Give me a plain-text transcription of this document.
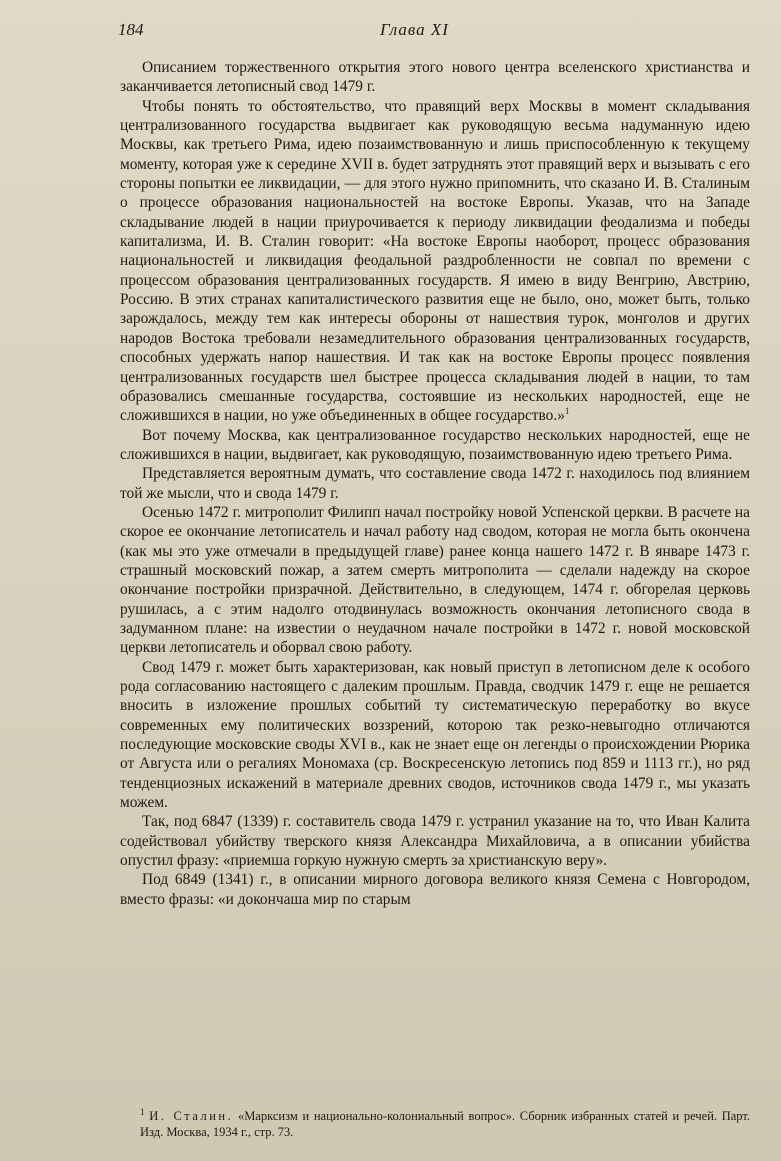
184	Глава XI

Описанием торжественного открытия этого нового центра вселенского христианства и заканчивается летописный свод 1479 г.

Чтобы понять то обстоятельство, что правящий верх Москвы в момент складывания централизованного государства выдвигает как руководящую весьма надуманную идею Москвы, как третьего Рима, идею позаимствованную и лишь приспособленную к текущему моменту, которая уже к середине XVII в. будет затруднять этот правящий верх и вызывать с его стороны попытки ее ликвидации, — для этого нужно припомнить, что сказано И. В. Сталиным о процессе образования национальностей на востоке Европы. Указав, что на Западе складывание людей в нации приурочивается к периоду ликвидации феодализма и победы капитализма, И. В. Сталин говорит: «На востоке Европы наоборот, процесс образования национальностей и ликвидация феодальной раздробленности не совпал по времени с процессом образования централизованных государств. Я имею в виду Венгрию, Австрию, Россию. В этих странах капиталистического развития еще не было, оно, может быть, только зарождалось, между тем как интересы обороны от нашествия турок, монголов и других народов Востока требовали незамедлительного образования централизованных государств, способных удержать напор нашествия. И так как на востоке Европы процесс появления централизованных государств шел быстрее процесса складывания людей в нации, то там образовались смешанные государства, состоявшие из нескольких народностей, еще не сложившихся в нации, но уже объединенных в общее государство.»$^1$

Вот почему Москва, как централизованное государство нескольких народностей, еще не сложившихся в нации, выдвигает, как руководящую, позаимствованную идею третьего Рима.

Представляется вероятным думать, что составление свода 1472 г. находилось под влиянием той же мысли, что и свода 1479 г.

Осенью 1472 г. митрополит Филипп начал постройку новой Успенской церкви. В расчете на скорое ее окончание летописатель и начал работу над сводом, которая не могла быть окончена (как мы это уже отмечали в предыдущей главе) ранее конца нашего 1472 г. В январе 1473 г. страшный московский пожар, а затем смерть митрополита — сделали надежду на скорое окончание постройки призрачной. Действительно, в следующем, 1474 г. обгорелая церковь рушилась, а с этим надолго отодвинулась возможность окончания летописного свода в задуманном плане: на известии о неудачном начале постройки в 1472 г. новой московской церкви летописатель и оборвал свою работу.

Свод 1479 г. может быть характеризован, как новый приступ в летописном деле к особого рода согласованию настоящего с далеким прошлым. Правда, сводчик 1479 г. еще не решается вносить в изложение прошлых событий ту систематическую переработку во вкусе современных ему политических воззрений, которою так резко-невыгодно отличаются последующие московские своды XVI в., как не знает еще он легенды о происхождении Рюрика от Августа или о регалиях Мономаха (ср. Воскресенскую летопись под 859 и 1113 гг.), но ряд тенденциозных искажений в материале древних сводов, источников свода 1479 г., мы указать можем.

Так, под 6847 (1339) г. составитель свода 1479 г. устранил указание на то, что Иван Калита содействовал убийству тверского князя Александра Михайловича, а в описании убийства опустил фразу: «приемша горкую нужную смерть за христианскую веру».

Под 6849 (1341) г., в описании мирного договора великого князя Семена с Новгородом, вместо фразы: «и докончаша мир по старым

$^1$ И. Сталин. «Марксизм и национально-колониальный вопрос». Сборник избранных статей и речей. Парт. Изд. Москва, 1934 г., стр. 73.
